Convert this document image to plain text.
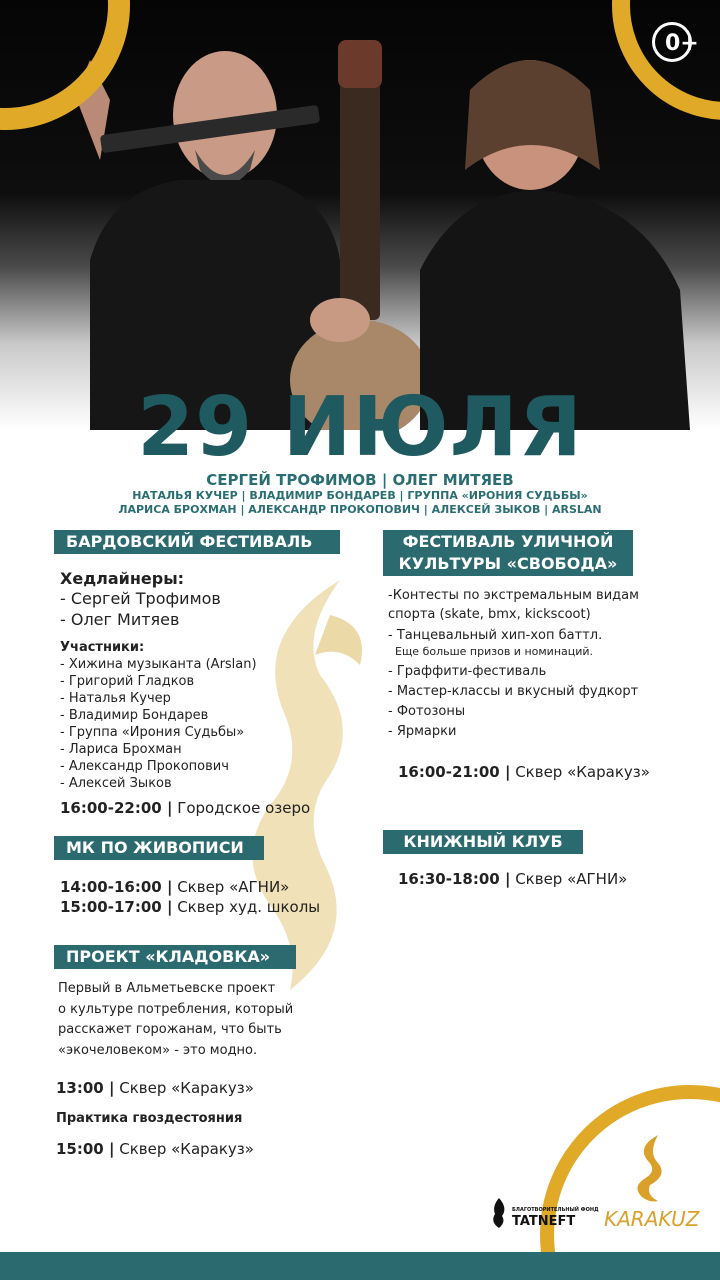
0+
29 ИЮЛЯ
СЕРГЕЙ ТРОФИМОВ | ОЛЕГ МИТЯЕВ
НАТАЛЬЯ КУЧЕР | ВЛАДИМИР БОНДАРЕВ | ГРУППА «ИРОНИЯ СУДЬБЫ»
ЛАРИСА БРОХМАН | АЛЕКСАНДР ПРОКОПОВИЧ | АЛЕКСЕЙ ЗЫКОВ | ARSLAN
БАРДОВСКИЙ ФЕСТИВАЛЬ
Хедлайнеры:
- Сергей Трофимов
- Олег Митяев
Участники:
- Хижина музыканта (Arslan)
- Григорий Гладков
- Наталья Кучер
- Владимир Бондарев
- Группа «Ирония Судьбы»
- Лариса Брохман
- Александр Прокопович
- Алексей Зыков
16:00-22:00 | Городское озеро
МК ПО ЖИВОПИСИ
14:00-16:00 | Сквер «АГНИ»
15:00-17:00 | Сквер худ. школы
ПРОЕКТ «КЛАДОВКА»
Первый в Альметьевске проект
о культуре потребления, который
расскажет горожанам, что быть
«экочеловеком» - это модно.
13:00 | Сквер «Каракуз»
Практика гвоздестояния
15:00 | Сквер «Каракуз»
ФЕСТИВАЛЬ УЛИЧНОЙ
КУЛЬТУРЫ «СВОБОДА»
-Контесты по экстремальным видам
спорта (skate, bmx, kickscoot)
- Танцевальный хип-хоп баттл.
Еще больше призов и номинаций.
- Граффити-фестиваль
- Мастер-классы и вкусный фудкорт
- Фотозоны
- Ярмарки
16:00-21:00 | Сквер «Каракуз»
КНИЖНЫЙ КЛУБ
16:30-18:00 | Сквер «АГНИ»
БЛАГОТВОРИТЕЛЬНЫЙ ФОНД
TATNEFT KARAKUZ
